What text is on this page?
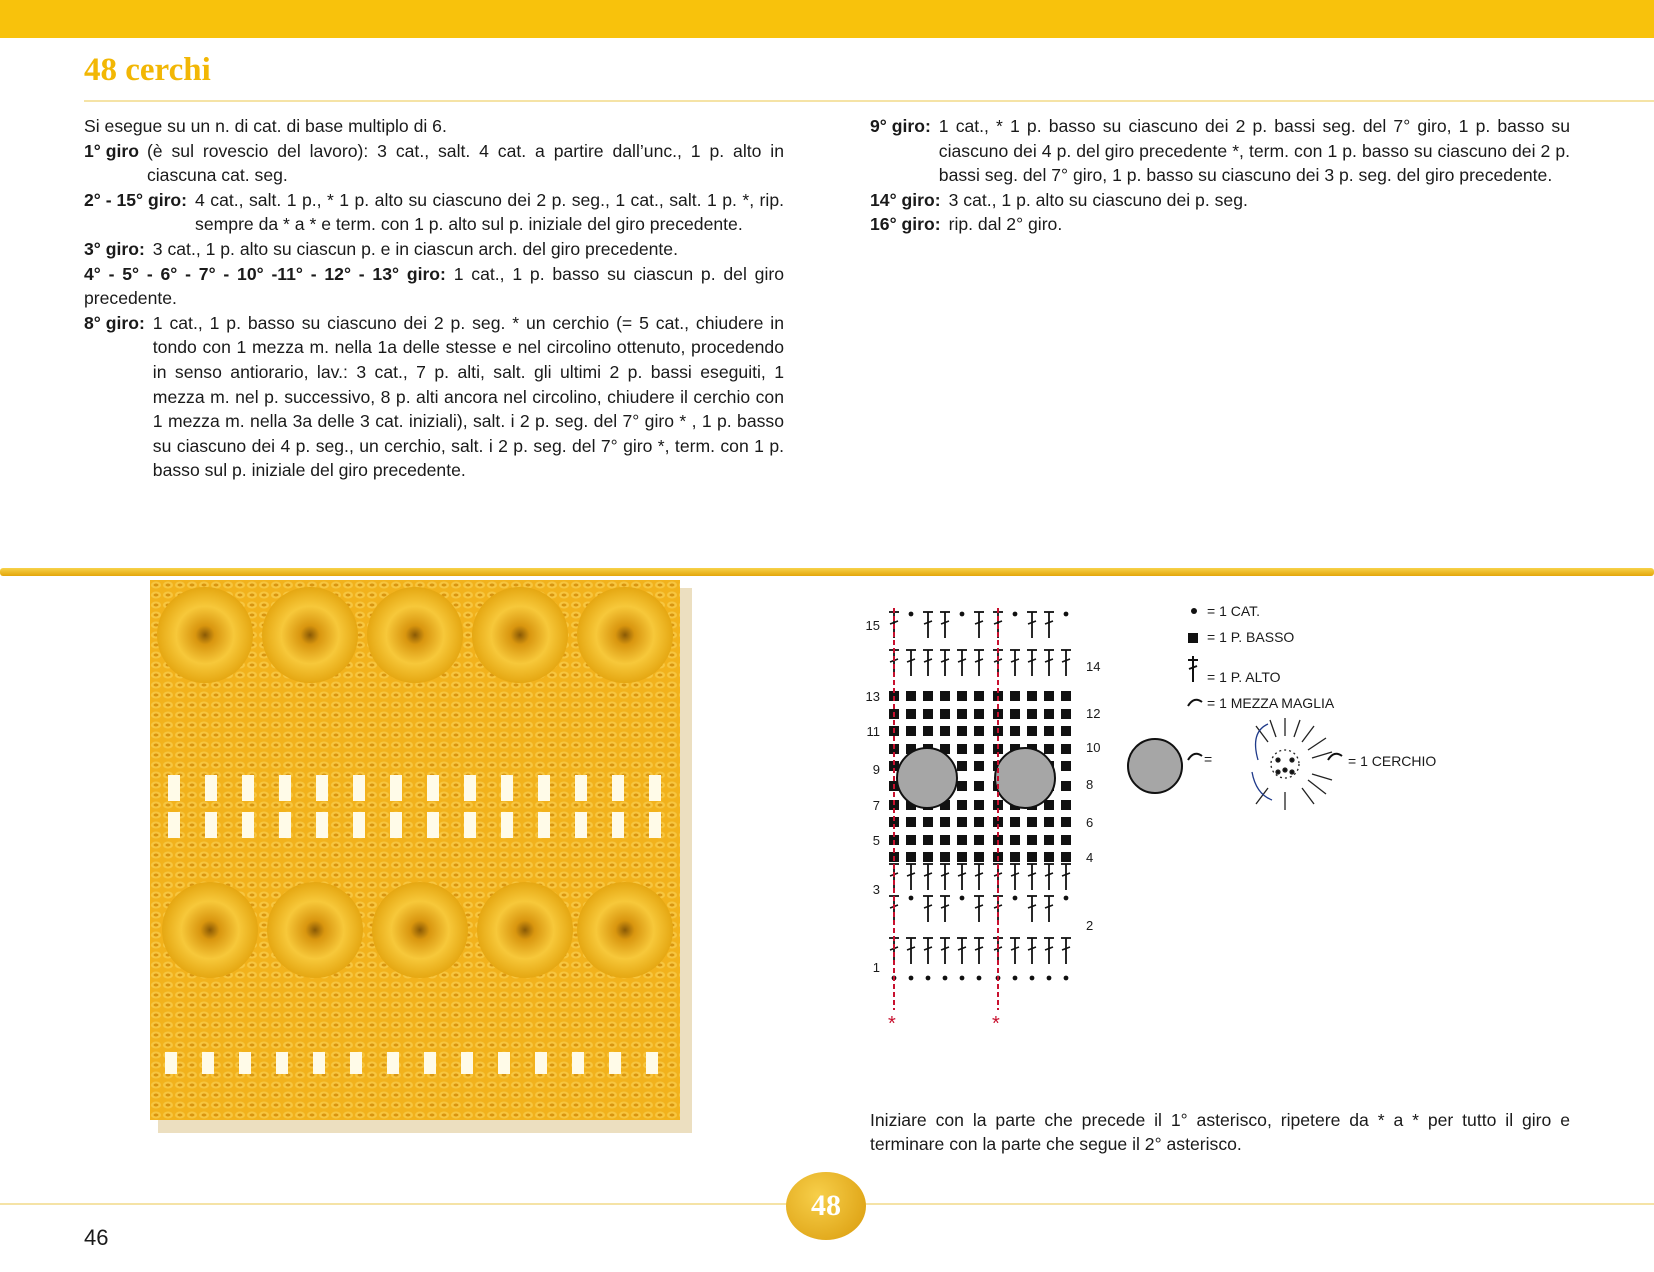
48 cerchi

Si esegue su un n. di cat. di base multiplo di 6.

1° giro (è sul rovescio del lavoro): 3 cat., salt. 4 cat. a partire dall’unc., 1 p. alto in ciascuna cat. seg.
2° - 15° giro: 4 cat., salt. 1 p., * 1 p. alto su ciascuno dei 2 p. seg., 1 cat., salt. 1 p. *, rip. sempre da * a * e term. con 1 p. alto sul p. iniziale del giro precedente.
3° giro: 3 cat., 1 p. alto su ciascun p. e in ciascun arch. del giro precedente.
4° - 5° - 6° - 7° - 10° -11° - 12° - 13° giro: 1 cat., 1 p. basso su ciascun p. del giro precedente.
8° giro: 1 cat., 1 p. basso su ciascuno dei 2 p. seg. * un cerchio (= 5 cat., chiudere in tondo con 1 mezza m. nella 1a delle stesse e nel circolino ottenuto, procedendo in senso antiorario, lav.: 3 cat., 7 p. alti, salt. gli ultimi 2 p. bassi eseguiti, 1 mezza m. nel p. successivo, 8 p. alti ancora nel circolino, chiudere il cerchio con 1 mezza m. nella 3a delle 3 cat. iniziali), salt. i 2 p. seg. del 7° giro * , 1 p. basso su ciascuno dei 4 p. seg., un cerchio, salt. i 2 p. seg. del 7° giro *, term. con 1 p. basso sul p. iniziale del giro precedente.
9° giro: 1 cat., * 1 p. basso su ciascuno dei 2 p. bassi seg. del 7° giro, 1 p. basso su ciascuno dei 4 p. del giro precedente *, term. con 1 p. basso su ciascuno dei 2 p. bassi seg. del 7° giro, 1 p. basso su ciascuno dei 3 p. seg. del giro precedente.
14° giro: 3 cat., 1 p. alto su ciascuno dei p. seg.
16° giro: rip. dal 2° giro.
15
13
11
9
7
5
3
1
14
12
10
8
6
4
2
*	*
= 1 CAT.
= 1 P. BASSO
= 1 P. ALTO
= 1 MEZZA MAGLIA
=	= 1 CERCHIO

Iniziare con la parte che precede il 1° asterisco, ripetere da * a * per tutto il giro e terminare con la parte che segue il 2° asterisco.

48
46
